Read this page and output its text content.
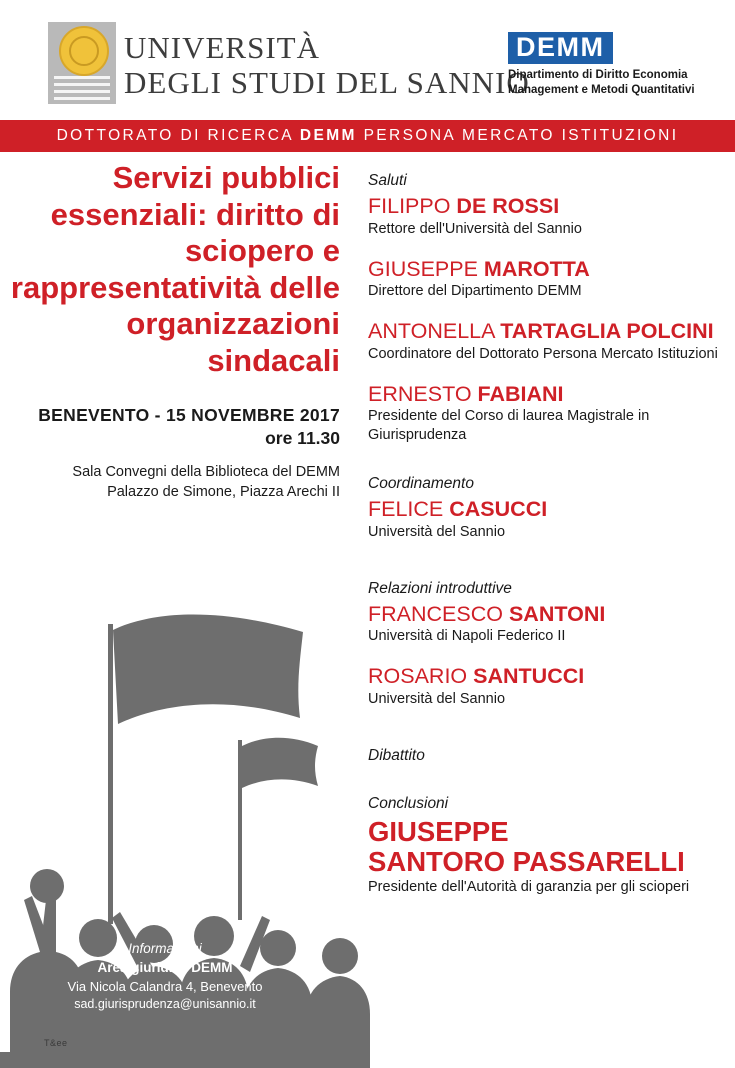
UNIVERSITÀ
DEGLI STUDI DEL SANNIO
DEMM
Dipartimento di Diritto Economia
Management e Metodi Quantitativi
DOTTORATO DI RICERCA DEMM PERSONA MERCATO ISTITUZIONI
Servizi pubblici essenziali: diritto di sciopero e rappresentatività delle organizzazioni sindacali
BENEVENTO - 15 NOVEMBRE 2017
ore 11.30
Sala Convegni della Biblioteca del DEMM
Palazzo de Simone, Piazza Arechi II
Informazioni
Area giuridica DEMM
Via Nicola Calandra 4, Benevento
sad.giurisprudenza@unisannio.it
T&ee
Saluti
FILIPPO DE ROSSI
Rettore dell'Università del Sannio
GIUSEPPE MAROTTA
Direttore del Dipartimento DEMM
ANTONELLA TARTAGLIA POLCINI
Coordinatore del Dottorato Persona Mercato Istituzioni
ERNESTO FABIANI
Presidente del Corso di laurea Magistrale in Giurisprudenza
Coordinamento
FELICE CASUCCI
Università del Sannio
Relazioni introduttive
FRANCESCO SANTONI
Università di Napoli Federico II
ROSARIO SANTUCCI
Università del Sannio
Dibattito
Conclusioni
GIUSEPPE
SANTORO PASSARELLI
Presidente dell'Autorità di garanzia per gli scioperi
